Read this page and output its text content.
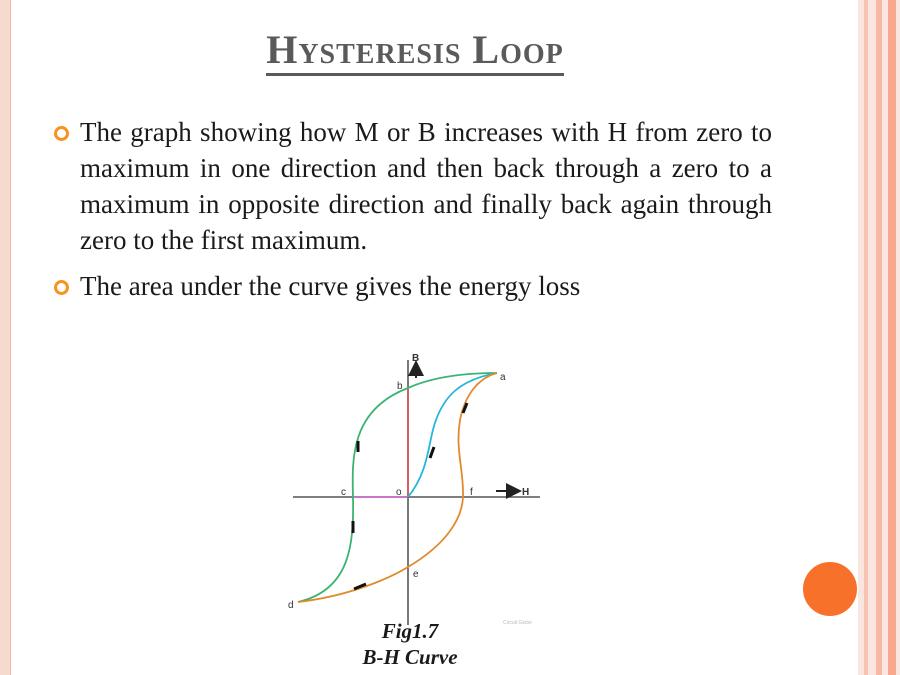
Hysteresis Loop
The graph showing how M or B increases with H from zero to maximum in one direction and then back through a zero to a maximum in opposite direction and finally back again through zero to the first maximum.
The area under the curve gives the energy loss
B
H
a
b
c	o	f
e
d
Circuit Globe
Fig1.7
B-H Curve
